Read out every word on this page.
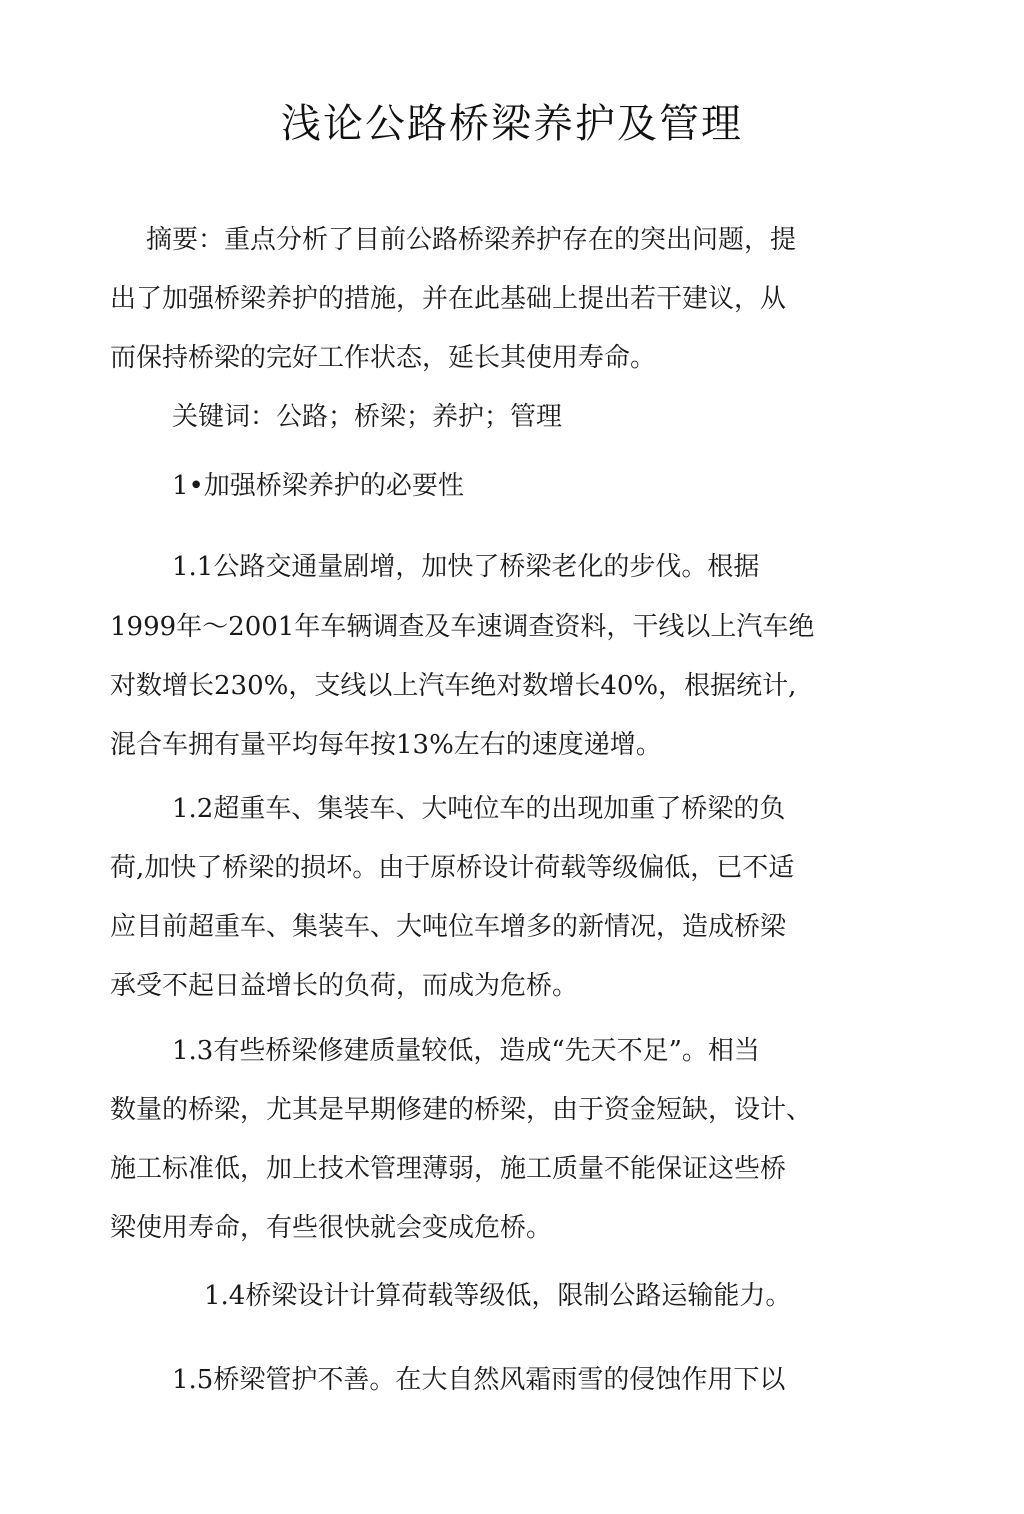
浅论公路桥梁养护及管理
摘要：重点分析了目前公路桥梁养护存在的突出问题，提
出了加强桥梁养护的措施，并在此基础上提出若干建议，从
而保持桥梁的完好工作状态，延长其使用寿命。
关键词：公路；桥梁；养护；管理
1•加强桥梁养护的必要性
1.1公路交通量剧增，加快了桥梁老化的步伐。根据
1999年～2001年车辆调查及车速调查资料，干线以上汽车绝
对数增长230%，支线以上汽车绝对数增长40%，根据统计,
混合车拥有量平均每年按13%左右的速度递增。
1.2超重车、集装车、大吨位车的出现加重了桥梁的负
荷,加快了桥梁的损坏。由于原桥设计荷载等级偏低，已不适
应目前超重车、集装车、大吨位车增多的新情况，造成桥梁
承受不起日益增长的负荷，而成为危桥。
1.3有些桥梁修建质量较低，造成“先天不足”。相当
数量的桥梁，尤其是早期修建的桥梁，由于资金短缺，设计、
施工标准低，加上技术管理薄弱，施工质量不能保证这些桥
梁使用寿命，有些很快就会变成危桥。
1.4桥梁设计计算荷载等级低，限制公路运输能力。
1.5桥梁管护不善。在大自然风霜雨雪的侵蚀作用下以
